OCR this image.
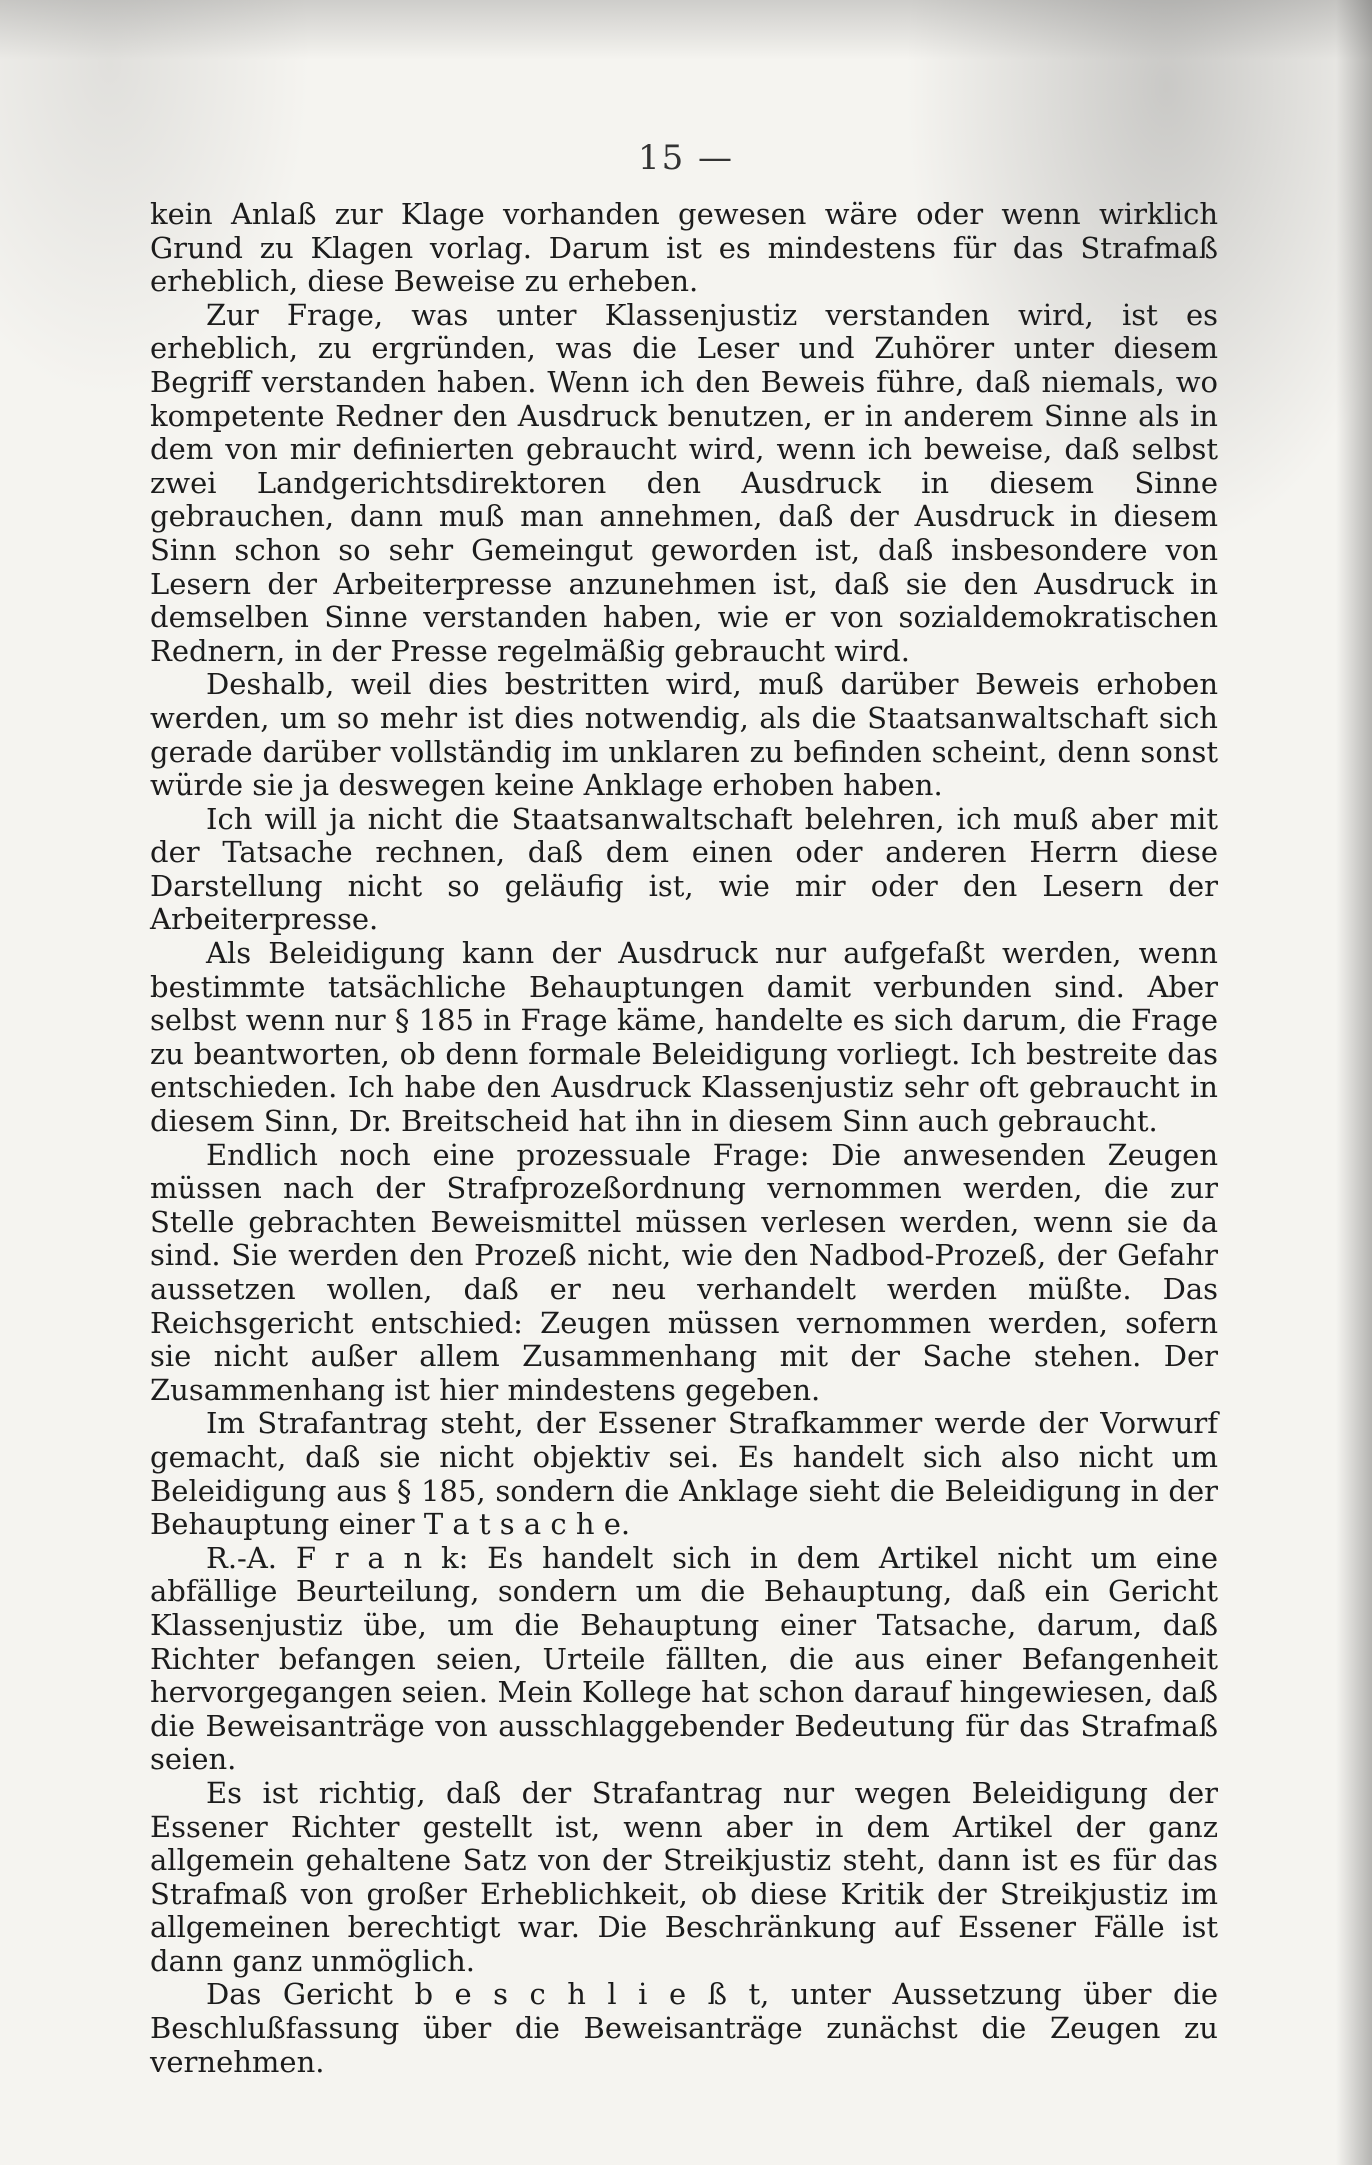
15 —

kein Anlaß zur Klage vorhanden gewesen wäre oder wenn wirklich Grund zu Klagen vorlag. Darum ist es mindestens für das Strafmaß erheblich, diese Beweise zu erheben.

Zur Frage, was unter Klassenjustiz verstanden wird, ist es erheblich, zu ergründen, was die Leser und Zuhörer unter diesem Begriff verstanden haben. Wenn ich den Beweis führe, daß niemals, wo kompetente Redner den Ausdruck benutzen, er in anderem Sinne als in dem von mir definierten gebraucht wird, wenn ich beweise, daß selbst zwei Landgerichtsdirektoren den Ausdruck in diesem Sinne gebrauchen, dann muß man annehmen, daß der Ausdruck in diesem Sinn schon so sehr Gemeingut geworden ist, daß insbesondere von Lesern der Arbeiterpresse anzunehmen ist, daß sie den Ausdruck in demselben Sinne verstanden haben, wie er von sozialdemokratischen Rednern, in der Presse regelmäßig gebraucht wird.

Deshalb, weil dies bestritten wird, muß darüber Beweis erhoben werden, um so mehr ist dies notwendig, als die Staatsanwaltschaft sich gerade darüber vollständig im unklaren zu befinden scheint, denn sonst würde sie ja deswegen keine Anklage erhoben haben.

Ich will ja nicht die Staatsanwaltschaft belehren, ich muß aber mit der Tatsache rechnen, daß dem einen oder anderen Herrn diese Darstellung nicht so geläufig ist, wie mir oder den Lesern der Arbeiterpresse.

Als Beleidigung kann der Ausdruck nur aufgefaßt werden, wenn bestimmte tatsächliche Behauptungen damit verbunden sind. Aber selbst wenn nur § 185 in Frage käme, handelte es sich darum, die Frage zu beantworten, ob denn formale Beleidigung vorliegt. Ich bestreite das entschieden. Ich habe den Ausdruck Klassenjustiz sehr oft gebraucht in diesem Sinn, Dr. Breitscheid hat ihn in diesem Sinn auch gebraucht.

Endlich noch eine prozessuale Frage: Die anwesenden Zeugen müssen nach der Strafprozeßordnung vernommen werden, die zur Stelle gebrachten Beweismittel müssen verlesen werden, wenn sie da sind. Sie werden den Prozeß nicht, wie den Nadbod-Prozeß, der Gefahr aussetzen wollen, daß er neu verhandelt werden müßte. Das Reichsgericht entschied: Zeugen müssen vernommen werden, sofern sie nicht außer allem Zusammenhang mit der Sache stehen. Der Zusammenhang ist hier mindestens gegeben.

Im Strafantrag steht, der Essener Strafkammer werde der Vorwurf gemacht, daß sie nicht objektiv sei. Es handelt sich also nicht um Beleidigung aus § 185, sondern die Anklage sieht die Beleidigung in der Behauptung einer T a t s a c h e.

R.-A. F r a n k: Es handelt sich in dem Artikel nicht um eine abfällige Beurteilung, sondern um die Behauptung, daß ein Gericht Klassenjustiz übe, um die Behauptung einer Tatsache, darum, daß Richter befangen seien, Urteile fällten, die aus einer Befangenheit hervorgegangen seien. Mein Kollege hat schon darauf hingewiesen, daß die Beweisanträge von ausschlaggebender Bedeutung für das Strafmaß seien.

Es ist richtig, daß der Strafantrag nur wegen Beleidigung der Essener Richter gestellt ist, wenn aber in dem Artikel der ganz allgemein gehaltene Satz von der Streikjustiz steht, dann ist es für das Strafmaß von großer Erheblichkeit, ob diese Kritik der Streikjustiz im allgemeinen berechtigt war. Die Beschränkung auf Essener Fälle ist dann ganz unmöglich.

Das Gericht b e s c h l i e ß t, unter Aussetzung über die Beschlußfassung über die Beweisanträge zunächst die Zeugen zu vernehmen.
